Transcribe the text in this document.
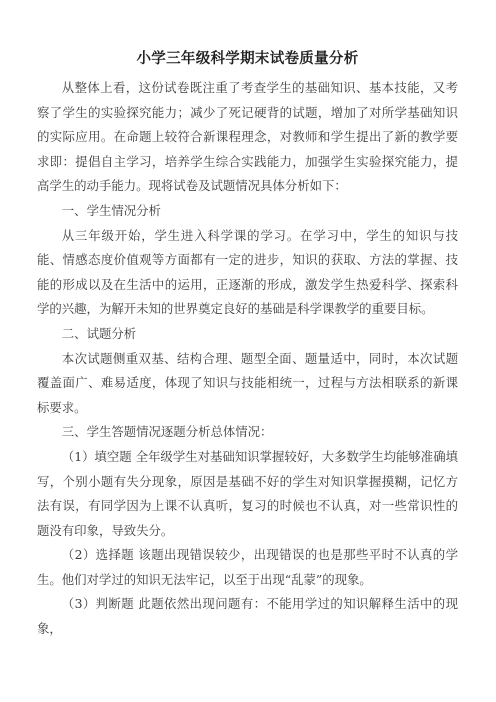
小学三年级科学期末试卷质量分析

从整体上看，这份试卷既注重了考查学生的基础知识、基本技能，又考察了学生的实验探究能力；减少了死记硬背的试题，增加了对所学基础知识的实际应用。在命题上较符合新课程理念，对教师和学生提出了新的教学要求即：提倡自主学习，培养学生综合实践能力，加强学生实验探究能力，提高学生的动手能力。现将试卷及试题情况具体分析如下：

一、学生情况分析

从三年级开始，学生进入科学课的学习。在学习中，学生的知识与技能、情感态度价值观等方面都有一定的进步，知识的获取、方法的掌握、技能的形成以及在生活中的运用，正逐渐的形成，激发学生热爱科学、探索科学的兴趣，为解开未知的世界奠定良好的基础是科学课教学的重要目标。

二、试题分析

本次试题侧重双基、结构合理、题型全面、题量适中，同时，本次试题覆盖面广、难易适度，体现了知识与技能相统一，过程与方法相联系的新课标要求。

三、学生答题情况逐题分析总体情况：

（1）填空题 全年级学生对基础知识掌握较好，大多数学生均能够准确填写，个别小题有失分现象，原因是基础不好的学生对知识掌握摸糊，记忆方法有误，有同学因为上课不认真听，复习的时候也不认真，对一些常识性的题没有印象，导致失分。

（2）选择题 该题出现错误较少，出现错误的也是那些平时不认真的学生。他们对学过的知识无法牢记，以至于出现“乱蒙”的现象。

（3）判断题 此题依然出现问题有：不能用学过的知识解释生活中的现象，
